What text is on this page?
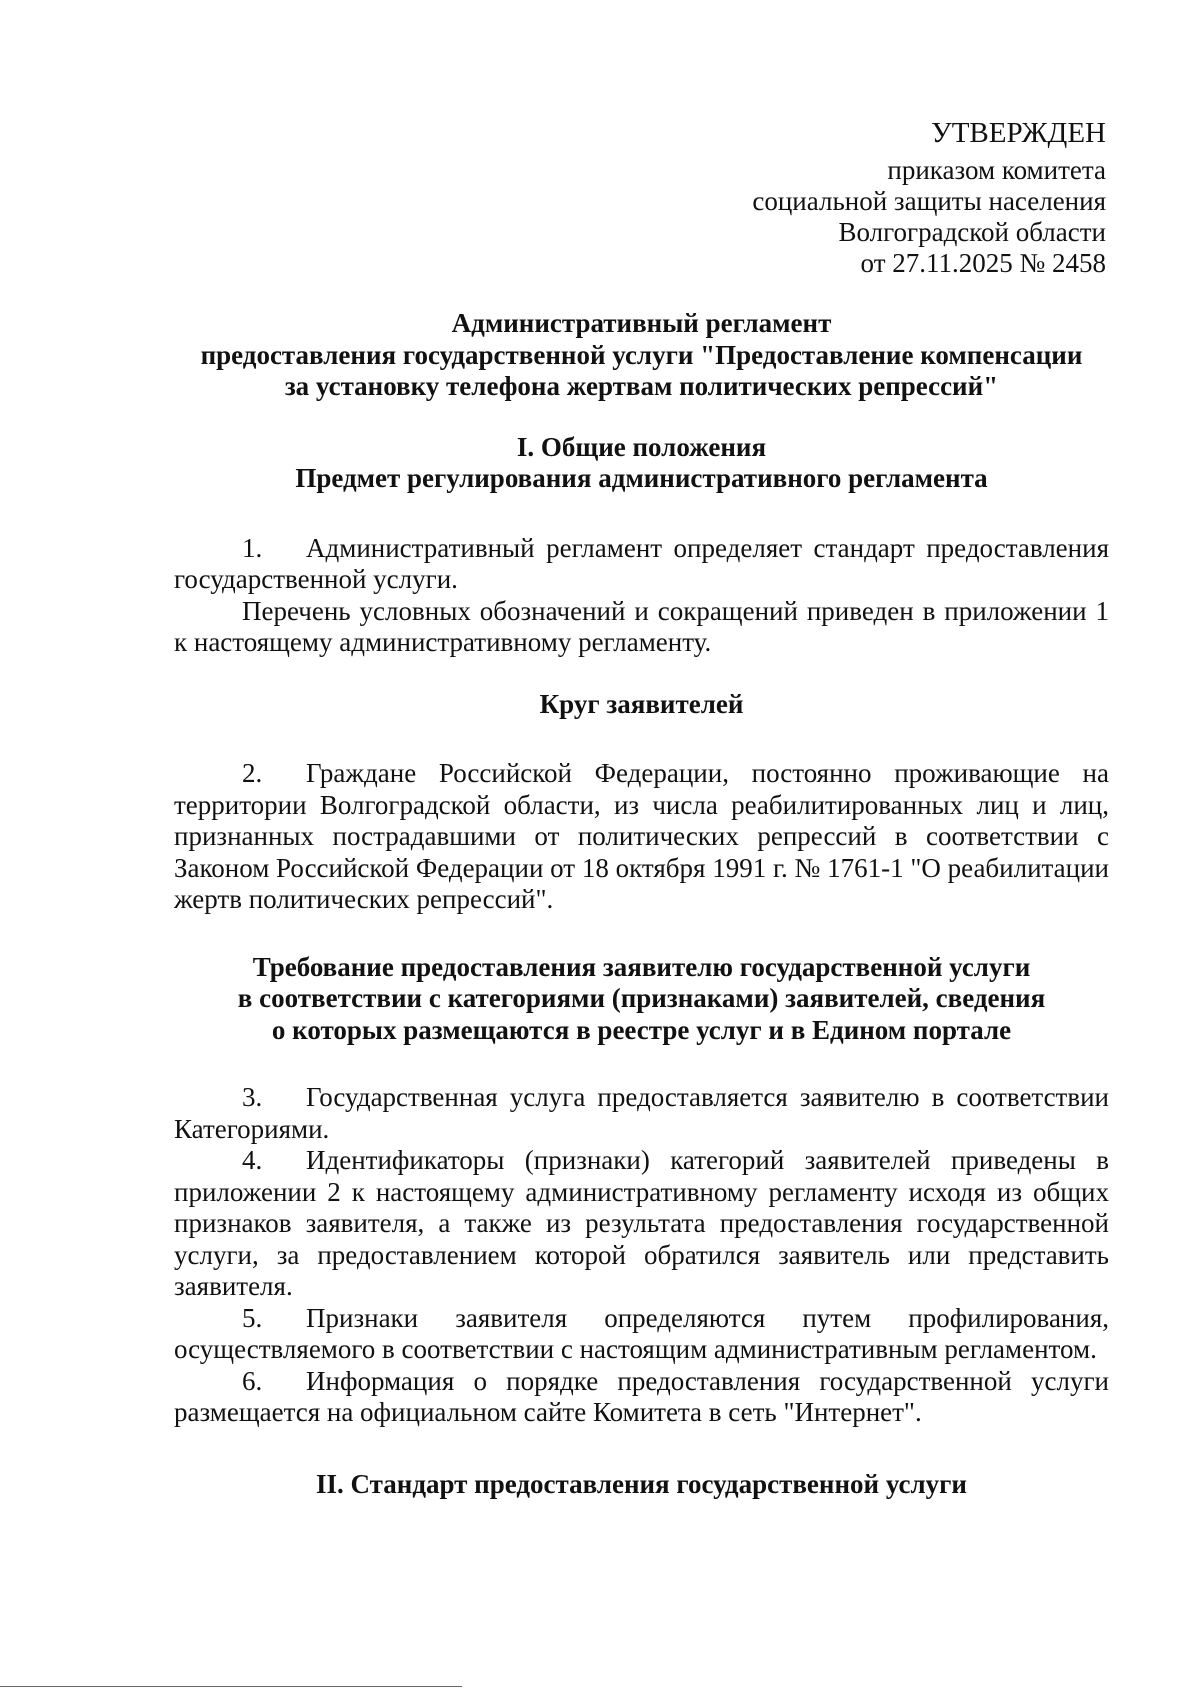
УТВЕРЖДЕН
приказом комитета
социальной защиты населения
Волгоградской области
от 27.11.2025 № 2458

Административный регламент

предоставления государственной услуги "Предоставление компенсации

за установку телефона жертвам политических репрессий"

I. Общие положения

Предмет регулирования административного регламента

1. Административный регламент определяет стандарт предоставления государственной услуги.

Перечень условных обозначений и сокращений приведен в приложении 1 к настоящему административному регламенту.

Круг заявителей

2. Граждане Российской Федерации, постоянно проживающие на территории Волгоградской области, из числа реабилитированных лиц и лиц, признанных пострадавшими от политических репрессий в соответствии с Законом Российской Федерации от 18 октября 1991 г. № 1761-1 "О реабилитации жертв политических репрессий".

Требование предоставления заявителю государственной услуги

в соответствии с категориями (признаками) заявителей, сведения

о которых размещаются в реестре услуг и в Едином портале

3. Государственная услуга предоставляется заявителю в соответствии Категориями.

4. Идентификаторы (признаки) категорий заявителей приведены в приложении 2 к настоящему административному регламенту исходя из общих признаков заявителя, а также из результата предоставления государственной услуги, за предоставлением которой обратился заявитель или представить заявителя.

5. Признаки заявителя определяются путем профилирования, осуществляемого в соответствии с настоящим административным регламентом.

6. Информация о порядке предоставления государственной услуги размещается на официальном сайте Комитета в сеть "Интернет".

II. Стандарт предоставления государственной услуги
